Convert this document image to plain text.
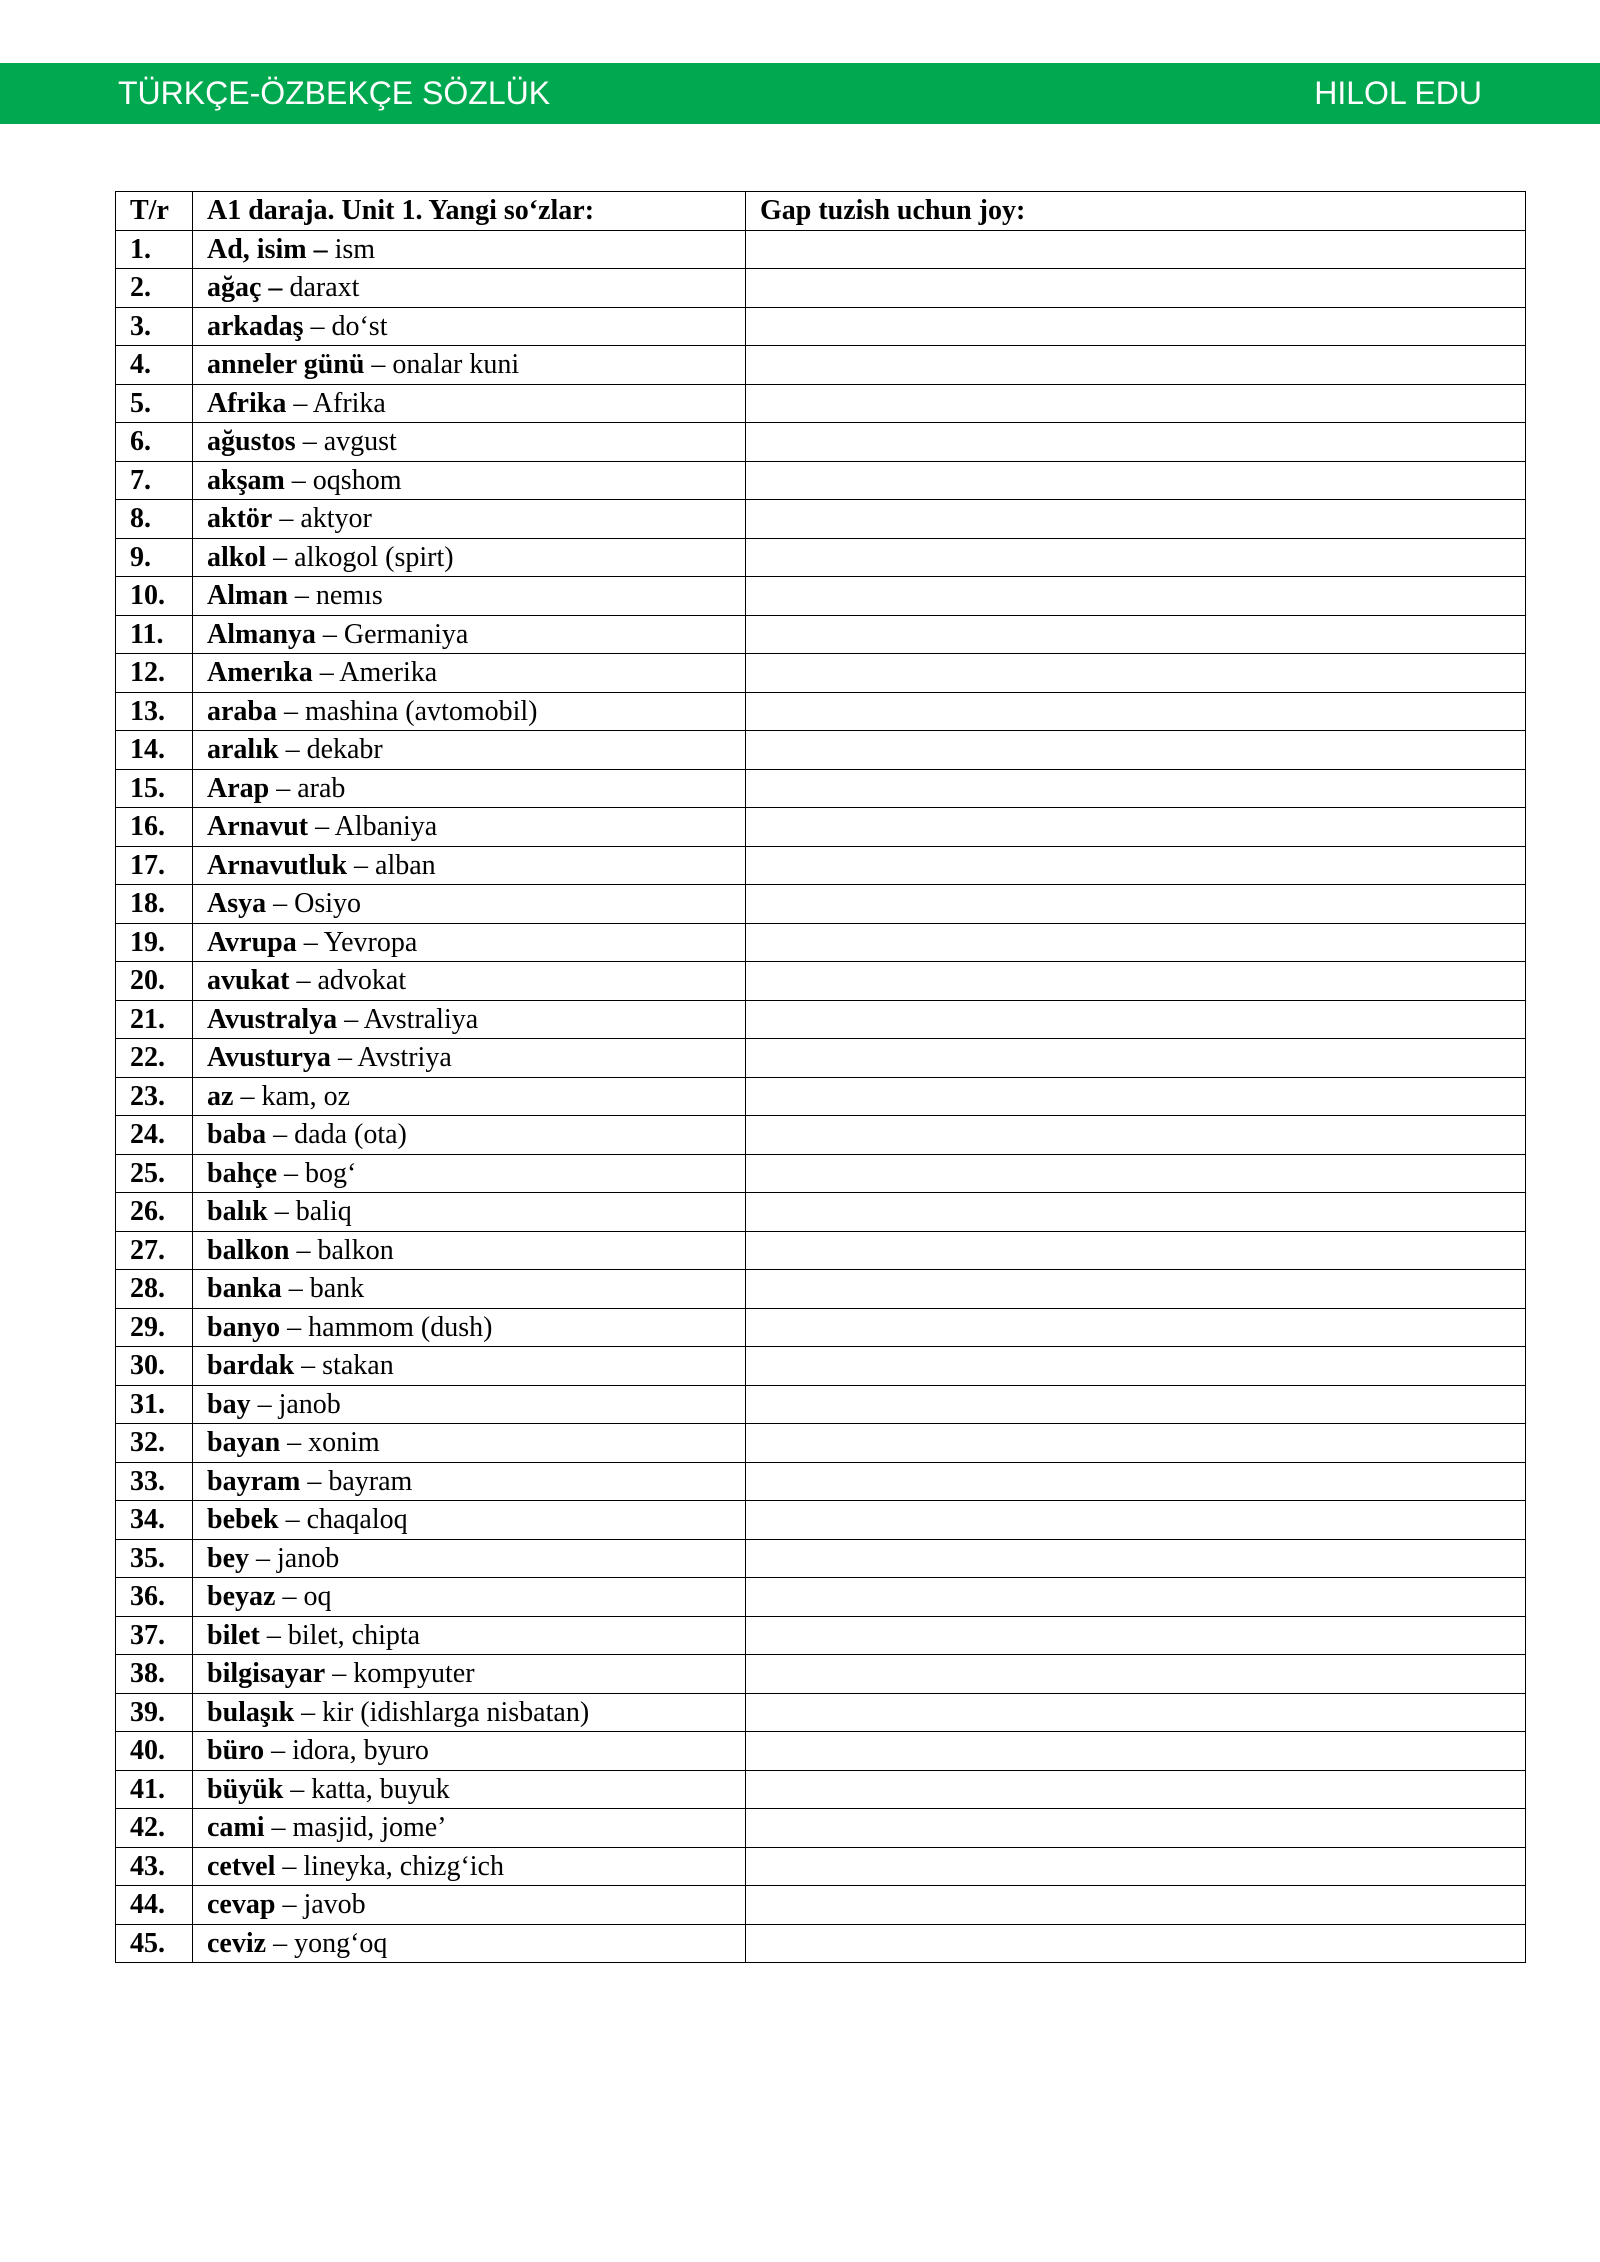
TÜRKÇE-ÖZBEKÇE SÖZLÜK	HILOL EDU
T/r	A1 daraja. Unit 1. Yangi so‘zlar:	Gap tuzish uchun joy:
1.	Ad, isim – ism	
2.	ağaç – daraxt	
3.	arkadaş – do‘st	
4.	anneler günü – onalar kuni	
5.	Afrika – Afrika	
6.	ağustos – avgust	
7.	akşam – oqshom	
8.	aktör – aktyor	
9.	alkol – alkogol (spirt)	
10.	Alman – nemıs	
11.	Almanya – Germaniya	
12.	Amerıka – Amerika	
13.	araba – mashina (avtomobil)	
14.	aralık – dekabr	
15.	Arap – arab	
16.	Arnavut – Albaniya	
17.	Arnavutluk – alban	
18.	Asya – Osiyo	
19.	Avrupa – Yevropa	
20.	avukat – advokat	
21.	Avustralya – Avstraliya	
22.	Avusturya – Avstriya	
23.	az – kam, oz	
24.	baba – dada (ota)	
25.	bahçe – bog‘	
26.	balık – baliq	
27.	balkon – balkon	
28.	banka – bank	
29.	banyo – hammom (dush)	
30.	bardak – stakan	
31.	bay – janob	
32.	bayan – xonim	
33.	bayram – bayram	
34.	bebek – chaqaloq	
35.	bey – janob	
36.	beyaz – oq	
37.	bilet – bilet, chipta	
38.	bilgisayar – kompyuter	
39.	bulaşık – kir (idishlarga nisbatan)	
40.	büro – idora, byuro	
41.	büyük – katta, buyuk	
42.	cami – masjid, jome’	
43.	cetvel – lineyka, chizg‘ich	
44.	cevap – javob	
45.	ceviz – yong‘oq	
